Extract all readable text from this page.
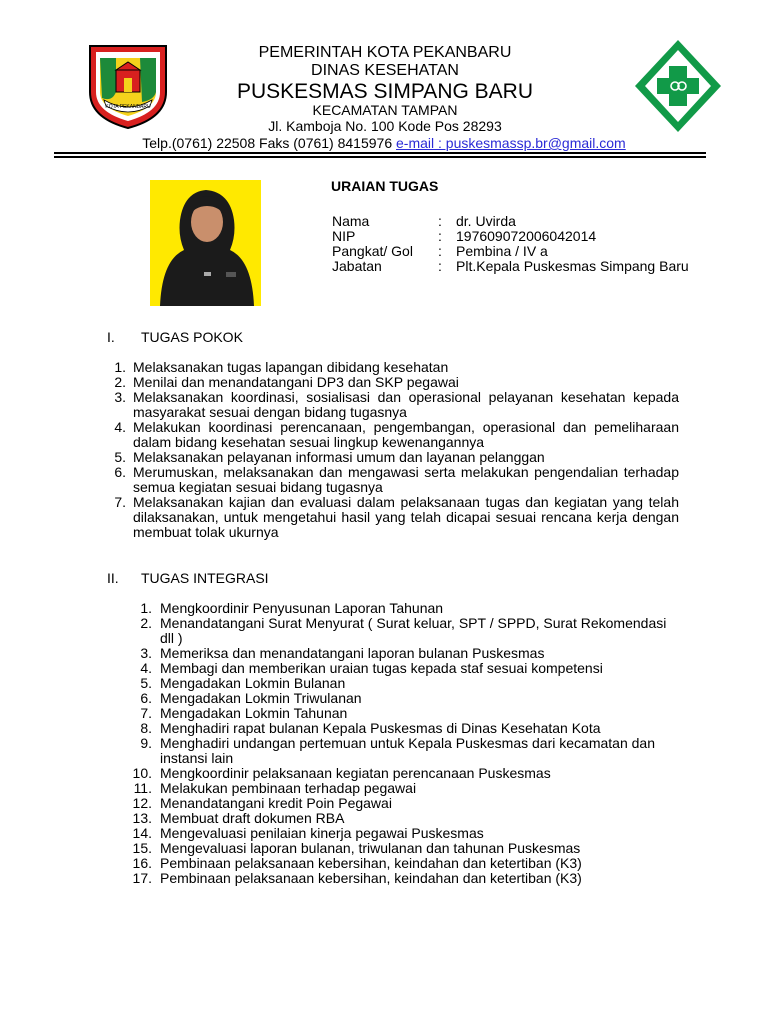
KOTA PEKANBARU
PEMERINTAH KOTA PEKANBARU
DINAS KESEHATAN
PUSKESMAS SIMPANG BARU
KECAMATAN TAMPAN
Jl. Kamboja No. 100 Kode Pos 28293
Telp.(0761) 22508 Faks (0761) 8415976 e-mail : puskesmassp.br@gmail.com
URAIAN TUGAS
Nama	: dr. Uvirda
NIP	: 197609072006042014
Pangkat/ Gol : Pembina / IV a
Jabatan	: Plt.Kepala Puskesmas Simpang Baru
I. TUGAS POKOK
1. Melaksanakan tugas lapangan dibidang kesehatan
2. Menilai dan menandatangani DP3 dan SKP pegawai
3. Melaksanakan koordinasi, sosialisasi dan operasional pelayanan kesehatan kepada masyarakat sesuai dengan bidang tugasnya
4. Melakukan koordinasi perencanaan, pengembangan, operasional dan pemeliharaan dalam bidang kesehatan sesuai lingkup kewenangannya
5. Melaksanakan pelayanan informasi umum dan layanan pelanggan
6. Merumuskan, melaksanakan dan mengawasi serta melakukan pengendalian terhadap semua kegiatan sesuai bidang tugasnya
7. Melaksanakan kajian dan evaluasi dalam pelaksanaan tugas dan kegiatan yang telah dilaksanakan, untuk mengetahui hasil yang telah dicapai sesuai rencana kerja dengan membuat tolak ukurnya
II. TUGAS INTEGRASI
1. Mengkoordinir Penyusunan Laporan Tahunan
2. Menandatangani Surat Menyurat ( Surat keluar, SPT / SPPD, Surat Rekomendasi dll )
3. Memeriksa dan menandatangani laporan bulanan Puskesmas
4. Membagi dan memberikan uraian tugas kepada staf sesuai kompetensi
5. Mengadakan Lokmin Bulanan
6. Mengadakan Lokmin Triwulanan
7. Mengadakan Lokmin Tahunan
8. Menghadiri rapat bulanan Kepala Puskesmas di Dinas Kesehatan Kota
9. Menghadiri undangan pertemuan untuk Kepala Puskesmas dari kecamatan dan instansi lain
10. Mengkoordinir pelaksanaan kegiatan perencanaan Puskesmas
11. Melakukan pembinaan terhadap pegawai
12. Menandatangani kredit Poin Pegawai
13. Membuat draft dokumen RBA
14. Mengevaluasi penilaian kinerja pegawai Puskesmas
15. Mengevaluasi laporan bulanan, triwulanan dan tahunan Puskesmas
16. Pembinaan pelaksanaan kebersihan, keindahan dan ketertiban (K3)
17. Pembinaan pelaksanaan kebersihan, keindahan dan ketertiban (K3)
